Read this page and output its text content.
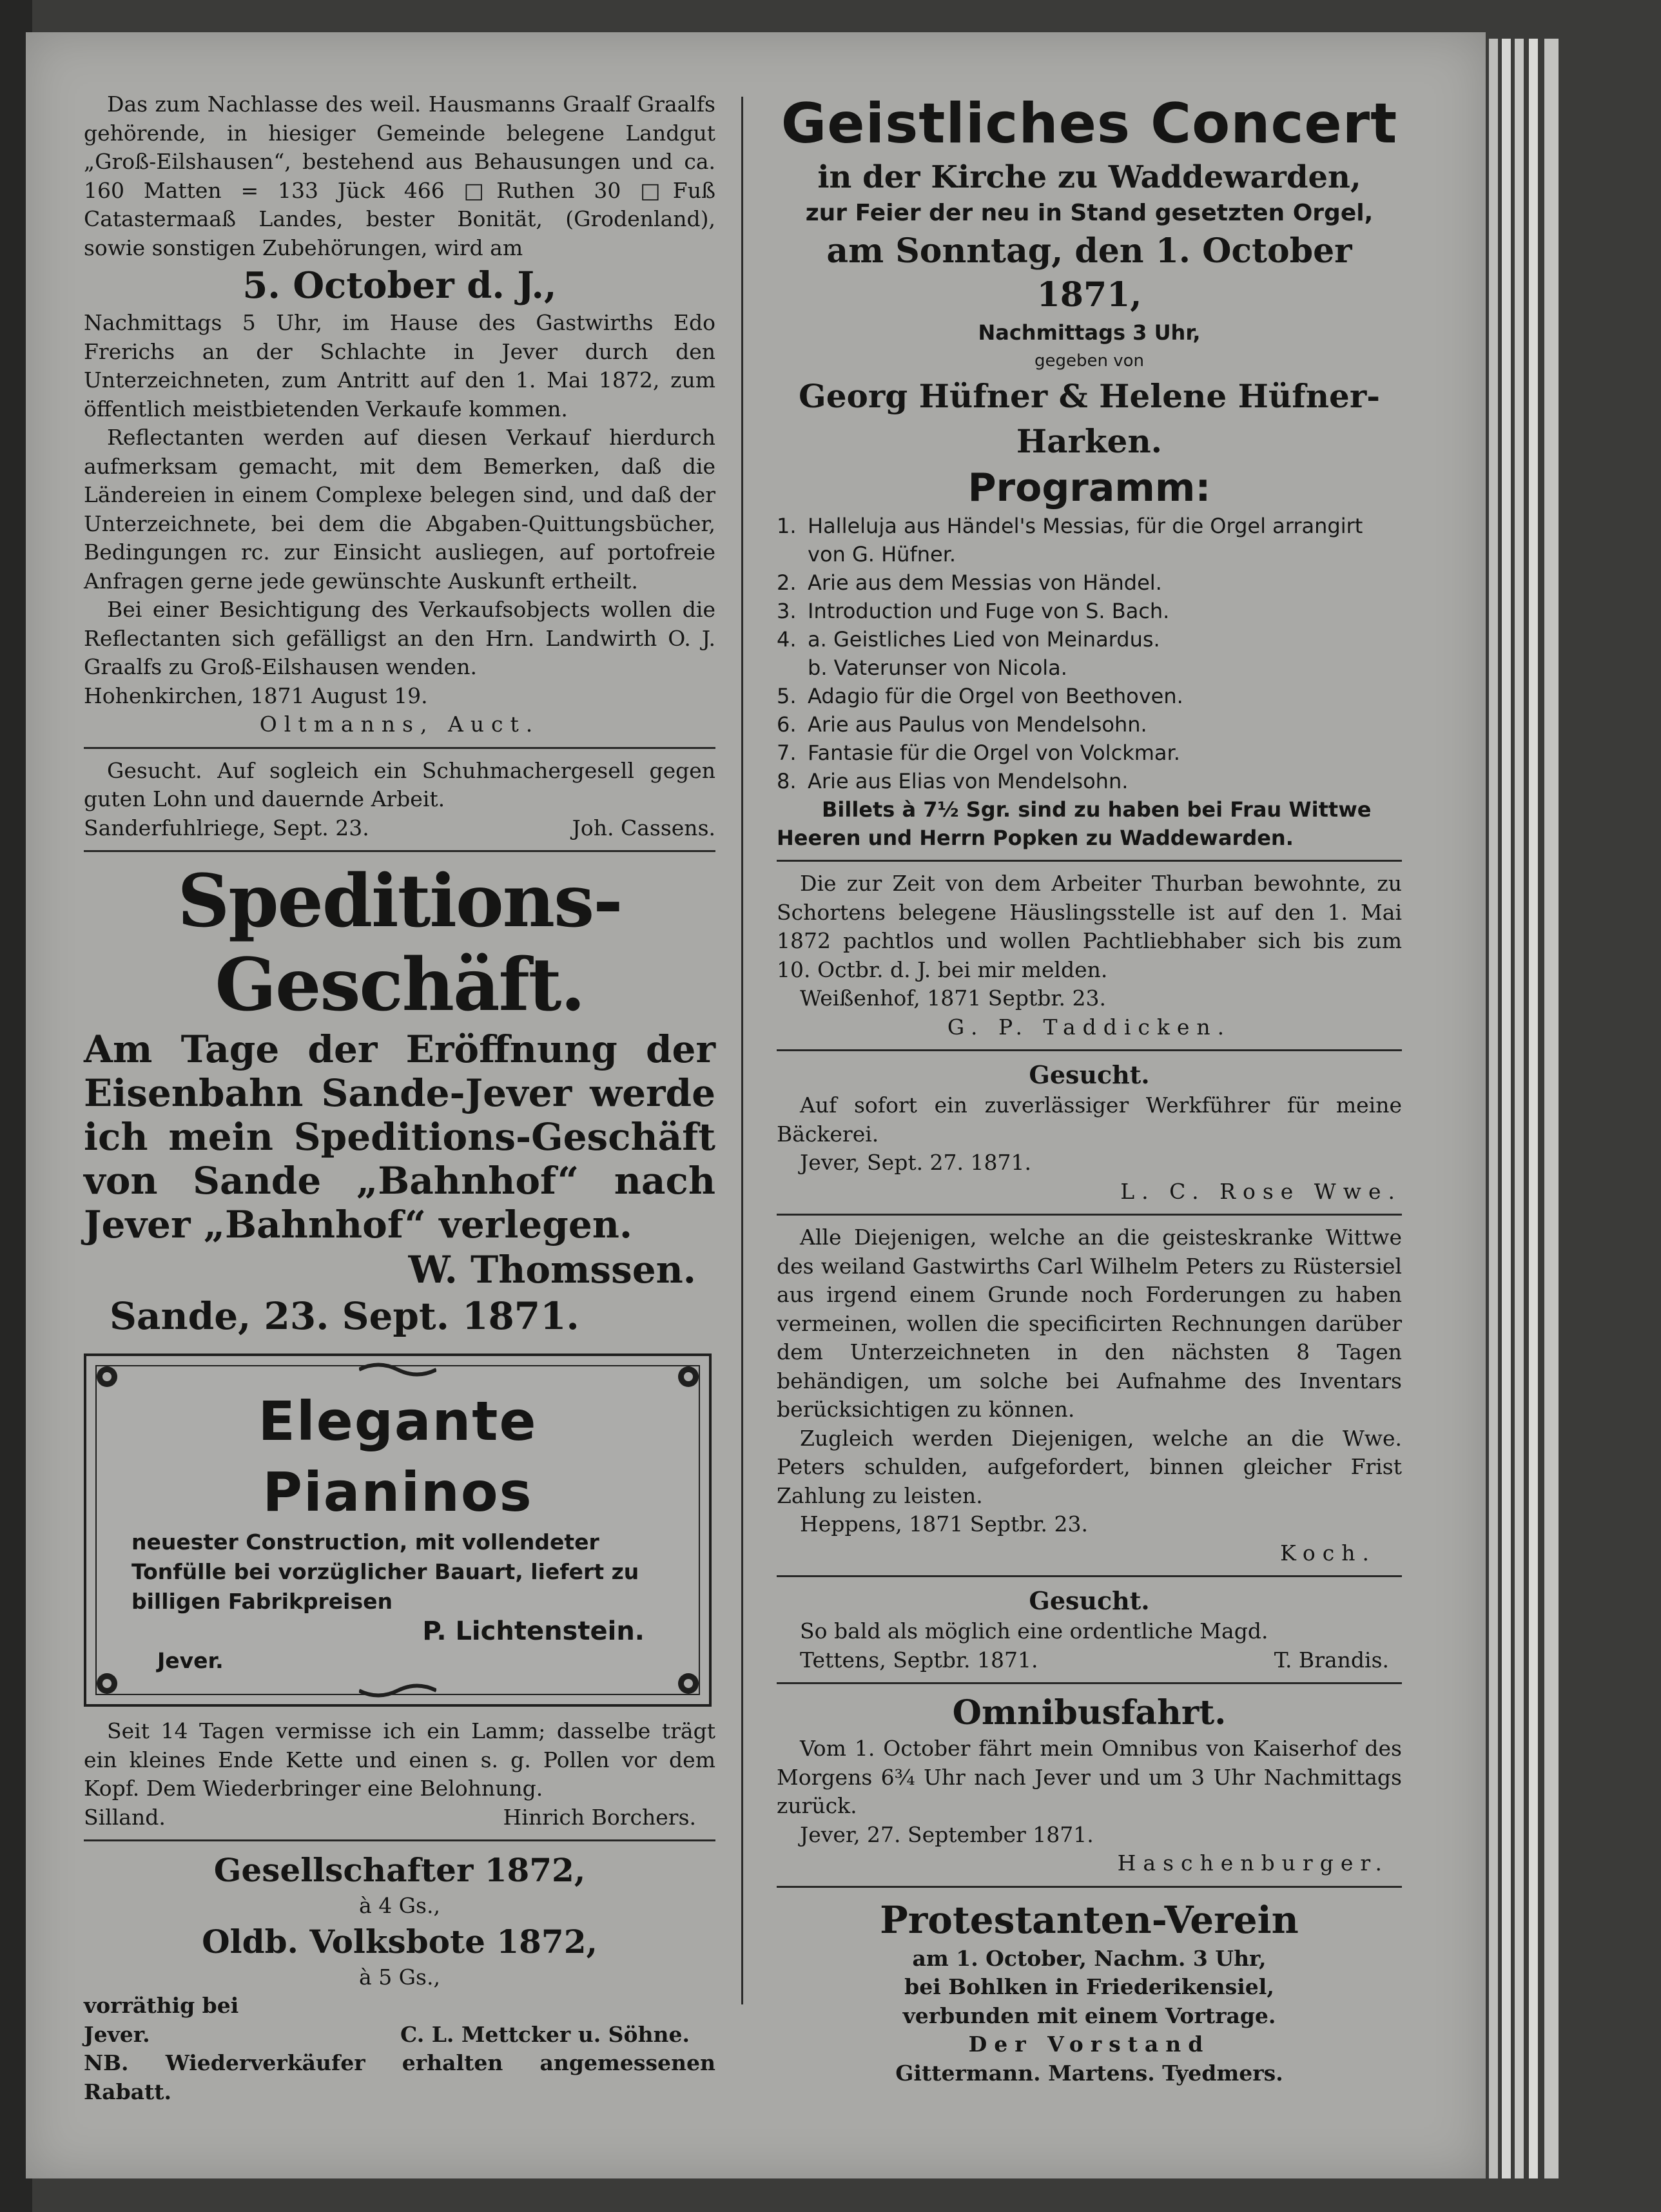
Das zum Nachlasse des weil. Hausmanns Graalf Graalfs gehörende, in hiesiger Gemeinde belegene Landgut „Groß-Eilshausen“, bestehend aus Behausungen und ca. 160 Matten = 133 Jück 466 □Ruthen 30 □Fuß Catastermaaß Landes, bester Bonität, (Grodenland), sowie sonstigen Zubehörungen, wird am

5. October d. J.,

Nachmittags 5 Uhr, im Hause des Gastwirths Edo Frerichs an der Schlachte in Jever durch den Unterzeichneten, zum Antritt auf den 1. Mai 1872, zum öffentlich meistbietenden Verkaufe kommen.

Reflectanten werden auf diesen Verkauf hierdurch aufmerksam gemacht, mit dem Bemerken, daß die Ländereien in einem Complexe belegen sind, und daß der Unterzeichnete, bei dem die Abgaben-Quittungsbücher, Bedingungen rc. zur Einsicht ausliegen, auf portofreie Anfragen gerne jede gewünschte Auskunft ertheilt.

Bei einer Besichtigung des Verkaufsobjects wollen die Reflectanten sich gefälligst an den Hrn. Landwirth O. J. Graalfs zu Groß-Eilshausen wenden.

Hohenkirchen, 1871 August 19.

Oltmanns, Auct.

Gesucht. Auf sogleich ein Schuhmachergesell gegen guten Lohn und dauernde Arbeit.

Sanderfuhlriege, Sept. 23.	Joh. Cassens.

Speditions-Geschäft.

Am Tage der Eröffnung der Eisenbahn Sande-Jever werde ich mein Speditions-Geschäft von Sande „Bahnhof“ nach Jever „Bahnhof“ verlegen.

W. Thomssen.

Sande, 23. Sept. 1871.

Elegante Pianinos

neuester Construction, mit vollendeter Tonfülle bei vorzüglicher Bauart, liefert zu billigen Fabrikpreisen

P. Lichtenstein.

Jever.

Seit 14 Tagen vermisse ich ein Lamm; dasselbe trägt ein kleines Ende Kette und einen s. g. Pollen vor dem Kopf. Dem Wiederbringer eine Belohnung.

Silland.	Hinrich Borchers.

Gesellschafter 1872,

à 4 Gs.,

Oldb. Volksbote 1872,

à 5 Gs.,

vorräthig bei

Jever.	C. L. Mettcker u. Söhne.

NB. Wiederverkäufer erhalten angemessenen Rabatt.

Geistliches Concert

in der Kirche zu Waddewarden,

zur Feier der neu in Stand gesetzten Orgel,

am Sonntag, den 1. October 1871,

Nachmittags 3 Uhr,

gegeben von

Georg Hüfner & Helene Hüfner-Harken.

Programm:

1. Halleluja aus Händel's Messias, für die Orgel arrangirt von G. Hüfner.
2. Arie aus dem Messias von Händel.
3. Introduction und Fuge von S. Bach.
4. a. Geistliches Lied von Meinardus.
b. Vaterunser von Nicola.
5. Adagio für die Orgel von Beethoven.
6. Arie aus Paulus von Mendelsohn.
7. Fantasie für die Orgel von Volckmar.
8. Arie aus Elias von Mendelsohn.

Billets à 7½ Sgr. sind zu haben bei Frau Wittwe Heeren und Herrn Popken zu Waddewarden.

Die zur Zeit von dem Arbeiter Thurban bewohnte, zu Schortens belegene Häuslingsstelle ist auf den 1. Mai 1872 pachtlos und wollen Pachtliebhaber sich bis zum 10. Octbr. d. J. bei mir melden.

Weißenhof, 1871 Septbr. 23.

G. P. Taddicken.

Gesucht.

Auf sofort ein zuverlässiger Werkführer für meine Bäckerei.

Jever, Sept. 27. 1871.

L. C. Rose Wwe.

Alle Diejenigen, welche an die geisteskranke Wittwe des weiland Gastwirths Carl Wilhelm Peters zu Rüstersiel aus irgend einem Grunde noch Forderungen zu haben vermeinen, wollen die specificirten Rechnungen darüber dem Unterzeichneten in den nächsten 8 Tagen behändigen, um solche bei Aufnahme des Inventars berücksichtigen zu können.

Zugleich werden Diejenigen, welche an die Wwe. Peters schulden, aufgefordert, binnen gleicher Frist Zahlung zu leisten.

Heppens, 1871 Septbr. 23.

Koch.

Gesucht.

So bald als möglich eine ordentliche Magd.

Tettens, Septbr. 1871.	T. Brandis.

Omnibusfahrt.

Vom 1. October fährt mein Omnibus von Kaiserhof des Morgens 6¾ Uhr nach Jever und um 3 Uhr Nachmittags zurück.

Jever, 27. September 1871.

Haschenburger.

Protestanten-Verein

am 1. October, Nachm. 3 Uhr,

bei Bohlken in Friederikensiel,

verbunden mit einem Vortrage.

Der Vorstand

Gittermann. Martens. Tyedmers.
